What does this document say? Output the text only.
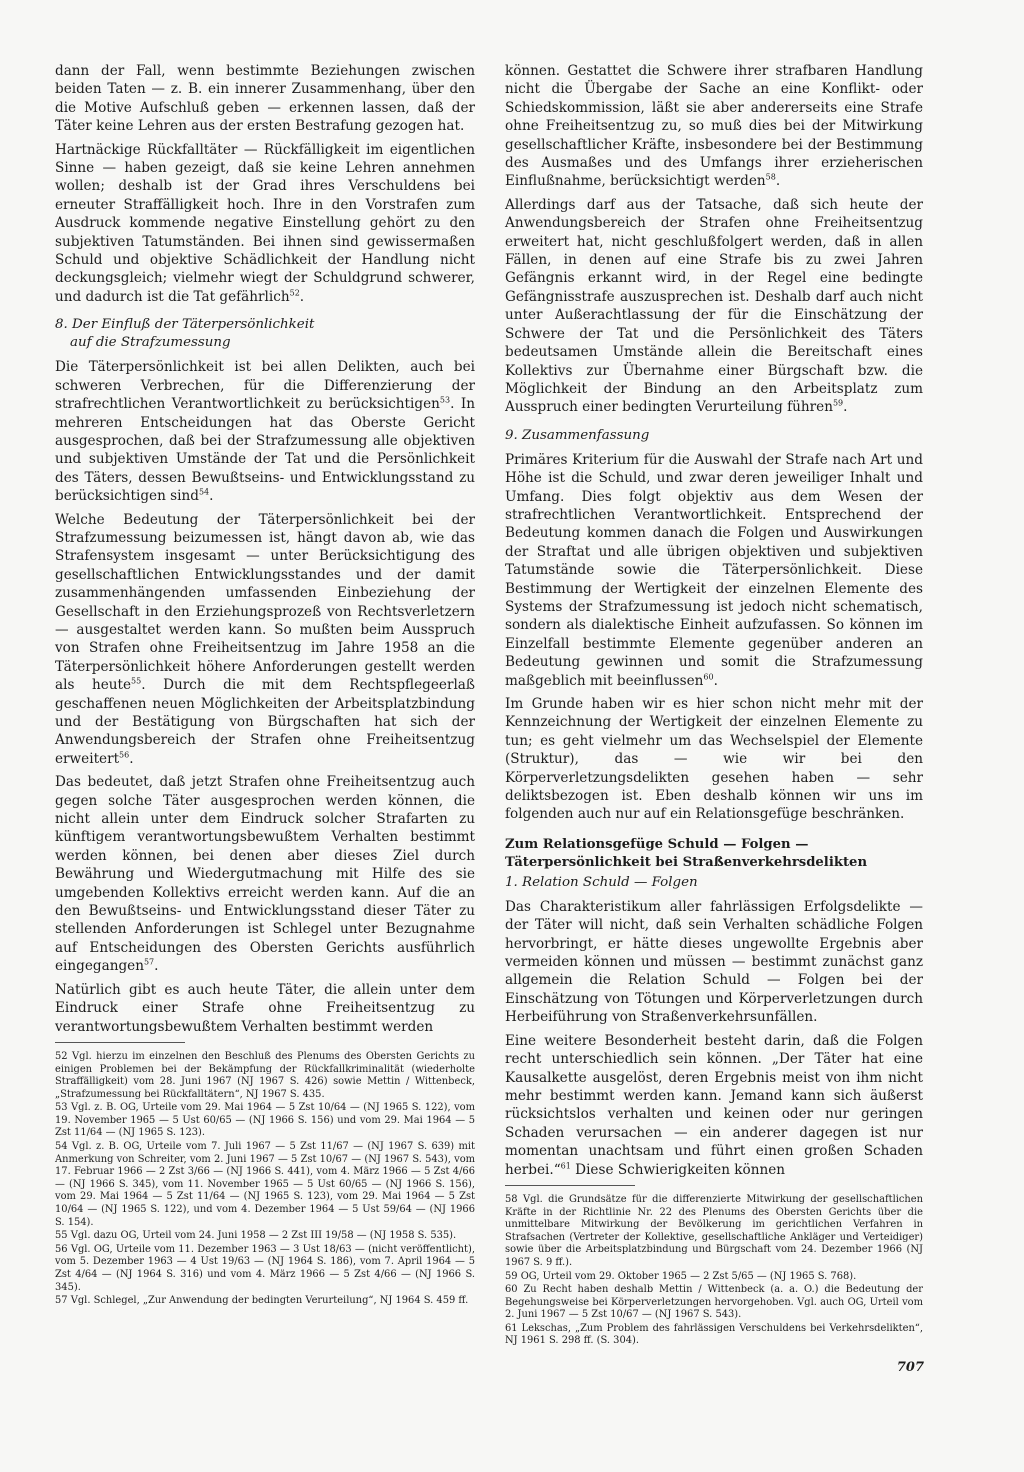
dann der Fall, wenn bestimmte Beziehungen zwischen beiden Taten — z. B. ein innerer Zusammenhang, über den die Motive Aufschluß geben — erkennen lassen, daß der Täter keine Lehren aus der ersten Bestrafung gezogen hat.

Hartnäckige Rückfalltäter — Rückfälligkeit im eigentlichen Sinne — haben gezeigt, daß sie keine Lehren annehmen wollen; deshalb ist der Grad ihres Verschuldens bei erneuter Straffälligkeit hoch. Ihre in den Vorstrafen zum Ausdruck kommende negative Einstellung gehört zu den subjektiven Tatumständen. Bei ihnen sind gewissermaßen Schuld und objektive Schädlichkeit der Handlung nicht deckungsgleich; vielmehr wiegt der Schuldgrund schwerer, und dadurch ist die Tat gefährlich$^{52}$.

8. Der Einfluß der Täterpersönlichkeit
auf die Strafzumessung

Die Täterpersönlichkeit ist bei allen Delikten, auch bei schweren Verbrechen, für die Differenzierung der strafrechtlichen Verantwortlichkeit zu berücksichtigen$^{53}$. In mehreren Entscheidungen hat das Oberste Gericht ausgesprochen, daß bei der Strafzumessung alle objektiven und subjektiven Umstände der Tat und die Persönlichkeit des Täters, dessen Bewußtseins- und Entwicklungsstand zu berücksichtigen sind$^{54}$.

Welche Bedeutung der Täterpersönlichkeit bei der Strafzumessung beizumessen ist, hängt davon ab, wie das Strafensystem insgesamt — unter Berücksichtigung des gesellschaftlichen Entwicklungsstandes und der damit zusammenhängenden umfassenden Einbeziehung der Gesellschaft in den Erziehungsprozeß von Rechtsverletzern — ausgestaltet werden kann. So mußten beim Ausspruch von Strafen ohne Freiheitsentzug im Jahre 1958 an die Täterpersönlichkeit höhere Anforderungen gestellt werden als heute$^{55}$. Durch die mit dem Rechtspflegeerlaß geschaffenen neuen Möglichkeiten der Arbeitsplatzbindung und der Bestätigung von Bürgschaften hat sich der Anwendungsbereich der Strafen ohne Freiheitsentzug erweitert$^{56}$.

Das bedeutet, daß jetzt Strafen ohne Freiheitsentzug auch gegen solche Täter ausgesprochen werden können, die nicht allein unter dem Eindruck solcher Strafarten zu künftigem verantwortungsbewußtem Verhalten bestimmt werden können, bei denen aber dieses Ziel durch Bewährung und Wiedergutmachung mit Hilfe des sie umgebenden Kollektivs erreicht werden kann. Auf die an den Bewußtseins- und Entwicklungsstand dieser Täter zu stellenden Anforderungen ist Schlegel unter Bezugnahme auf Entscheidungen des Obersten Gerichts ausführlich eingegangen$^{57}$.

Natürlich gibt es auch heute Täter, die allein unter dem Eindruck einer Strafe ohne Freiheitsentzug zu verantwortungsbewußtem Verhalten bestimmt werden

52 Vgl. hierzu im einzelnen den Beschluß des Plenums des Obersten Gerichts zu einigen Problemen bei der Bekämpfung der Rückfallkriminalität (wiederholte Straffälligkeit) vom 28. Juni 1967 (NJ 1967 S. 426) sowie Mettin / Wittenbeck, „Strafzumessung bei Rückfalltätern“, NJ 1967 S. 435.

53 Vgl. z. B. OG, Urteile vom 29. Mai 1964 — 5 Zst 10/64 — (NJ 1965 S. 122), vom 19. November 1965 — 5 Ust 60/65 — (NJ 1966 S. 156) und vom 29. Mai 1964 — 5 Zst 11/64 — (NJ 1965 S. 123).

54 Vgl. z. B. OG, Urteile vom 7. Juli 1967 — 5 Zst 11/67 — (NJ 1967 S. 639) mit Anmerkung von Schreiter, vom 2. Juni 1967 — 5 Zst 10/67 — (NJ 1967 S. 543), vom 17. Februar 1966 — 2 Zst 3/66 — (NJ 1966 S. 441), vom 4. März 1966 — 5 Zst 4/66 — (NJ 1966 S. 345), vom 11. November 1965 — 5 Ust 60/65 — (NJ 1966 S. 156), vom 29. Mai 1964 — 5 Zst 11/64 — (NJ 1965 S. 123), vom 29. Mai 1964 — 5 Zst 10/64 — (NJ 1965 S. 122), und vom 4. Dezember 1964 — 5 Ust 59/64 — (NJ 1966 S. 154).

55 Vgl. dazu OG, Urteil vom 24. Juni 1958 — 2 Zst III 19/58 — (NJ 1958 S. 535).

56 Vgl. OG, Urteile vom 11. Dezember 1963 — 3 Ust 18/63 — (nicht veröffentlicht), vom 5. Dezember 1963 — 4 Ust 19/63 — (NJ 1964 S. 186), vom 7. April 1964 — 5 Zst 4/64 — (NJ 1964 S. 316) und vom 4. März 1966 — 5 Zst 4/66 — (NJ 1966 S. 345).

57 Vgl. Schlegel, „Zur Anwendung der bedingten Verurteilung“, NJ 1964 S. 459 ff.

können. Gestattet die Schwere ihrer strafbaren Handlung nicht die Übergabe der Sache an eine Konflikt- oder Schiedskommission, läßt sie aber andererseits eine Strafe ohne Freiheitsentzug zu, so muß dies bei der Mitwirkung gesellschaftlicher Kräfte, insbesondere bei der Bestimmung des Ausmaßes und des Umfangs ihrer erzieherischen Einflußnahme, berücksichtigt werden$^{58}$.

Allerdings darf aus der Tatsache, daß sich heute der Anwendungsbereich der Strafen ohne Freiheitsentzug erweitert hat, nicht geschlußfolgert werden, daß in allen Fällen, in denen auf eine Strafe bis zu zwei Jahren Gefängnis erkannt wird, in der Regel eine bedingte Gefängnisstrafe auszusprechen ist. Deshalb darf auch nicht unter Außerachtlassung der für die Einschätzung der Schwere der Tat und die Persönlichkeit des Täters bedeutsamen Umstände allein die Bereitschaft eines Kollektivs zur Übernahme einer Bürgschaft bzw. die Möglichkeit der Bindung an den Arbeitsplatz zum Ausspruch einer bedingten Verurteilung führen$^{59}$.

9. Zusammenfassung

Primäres Kriterium für die Auswahl der Strafe nach Art und Höhe ist die Schuld, und zwar deren jeweiliger Inhalt und Umfang. Dies folgt objektiv aus dem Wesen der strafrechtlichen Verantwortlichkeit. Entsprechend der Bedeutung kommen danach die Folgen und Auswirkungen der Straftat und alle übrigen objektiven und subjektiven Tatumstände sowie die Täterpersönlichkeit. Diese Bestimmung der Wertigkeit der einzelnen Elemente des Systems der Strafzumessung ist jedoch nicht schematisch, sondern als dialektische Einheit aufzufassen. So können im Einzelfall bestimmte Elemente gegenüber anderen an Bedeutung gewinnen und somit die Strafzumessung maßgeblich mit beeinflussen$^{60}$.

Im Grunde haben wir es hier schon nicht mehr mit der Kennzeichnung der Wertigkeit der einzelnen Elemente zu tun; es geht vielmehr um das Wechselspiel der Elemente (Struktur), das — wie wir bei den Körperverletzungsdelikten gesehen haben — sehr deliktsbezogen ist. Eben deshalb können wir uns im folgenden auch nur auf ein Relationsgefüge beschränken.

Zum Relationsgefüge Schuld — Folgen —
Täterpersönlichkeit bei Straßenverkehrsdelikten
1. Relation Schuld — Folgen

Das Charakteristikum aller fahrlässigen Erfolgsdelikte — der Täter will nicht, daß sein Verhalten schädliche Folgen hervorbringt, er hätte dieses ungewollte Ergebnis aber vermeiden können und müssen — bestimmt zunächst ganz allgemein die Relation Schuld — Folgen bei der Einschätzung von Tötungen und Körperverletzungen durch Herbeiführung von Straßenverkehrsunfällen.

Eine weitere Besonderheit besteht darin, daß die Folgen recht unterschiedlich sein können. „Der Täter hat eine Kausalkette ausgelöst, deren Ergebnis meist von ihm nicht mehr bestimmt werden kann. Jemand kann sich äußerst rücksichtslos verhalten und keinen oder nur geringen Schaden verursachen — ein anderer dagegen ist nur momentan unachtsam und führt einen großen Schaden herbei.“$^{61}$ Diese Schwierigkeiten können

58 Vgl. die Grundsätze für die differenzierte Mitwirkung der gesellschaftlichen Kräfte in der Richtlinie Nr. 22 des Plenums des Obersten Gerichts über die unmittelbare Mitwirkung der Bevölkerung im gerichtlichen Verfahren in Strafsachen (Vertreter der Kollektive, gesellschaftliche Ankläger und Verteidiger) sowie über die Arbeitsplatzbindung und Bürgschaft vom 24. Dezember 1966 (NJ 1967 S. 9 ff.).

59 OG, Urteil vom 29. Oktober 1965 — 2 Zst 5/65 — (NJ 1965 S. 768).

60 Zu Recht haben deshalb Mettin / Wittenbeck (a. a. O.) die Bedeutung der Begehungsweise bei Körperverletzungen hervorgehoben. Vgl. auch OG, Urteil vom 2. Juni 1967 — 5 Zst 10/67 — (NJ 1967 S. 543).

61 Lekschas, „Zum Problem des fahrlässigen Verschuldens bei Verkehrsdelikten“, NJ 1961 S. 298 ff. (S. 304).

707
